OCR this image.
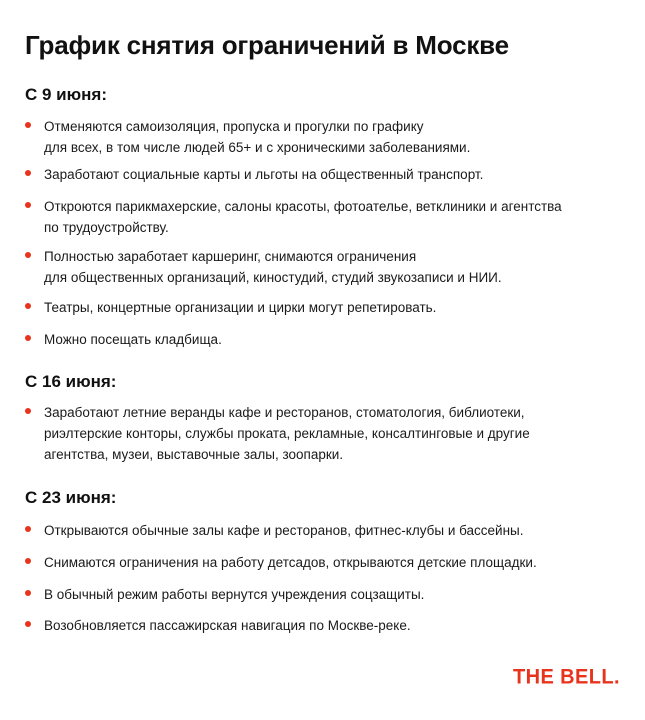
График снятия ограничений в Москве
С 9 июня:
Отменяются самоизоляция, пропуска и прогулки по графику
для всех, в том числе людей 65+ и с хроническими заболеваниями.
Заработают социальные карты и льготы на общественный транспорт.
Откроются парикмахерские, салоны красоты, фотоателье, ветклиники и агентства
по трудоустройству.
Полностью заработает каршеринг, снимаются ограничения
для общественных организаций, киностудий, студий звукозаписи и НИИ.
Театры, концертные организации и цирки могут репетировать.
Можно посещать кладбища.
С 16 июня:
Заработают летние веранды кафе и ресторанов, стоматология, библиотеки,
риэлтерские конторы, службы проката, рекламные, консалтинговые и другие
агентства, музеи, выставочные залы, зоопарки.
С 23 июня:
Открываются обычные залы кафе и ресторанов, фитнес-клубы и бассейны.
Снимаются ограничения на работу детсадов, открываются детские площадки.
В обычный режим работы вернутся учреждения соцзащиты.
Возобновляется пассажирская навигация по Москве-реке.
THE BELL.
